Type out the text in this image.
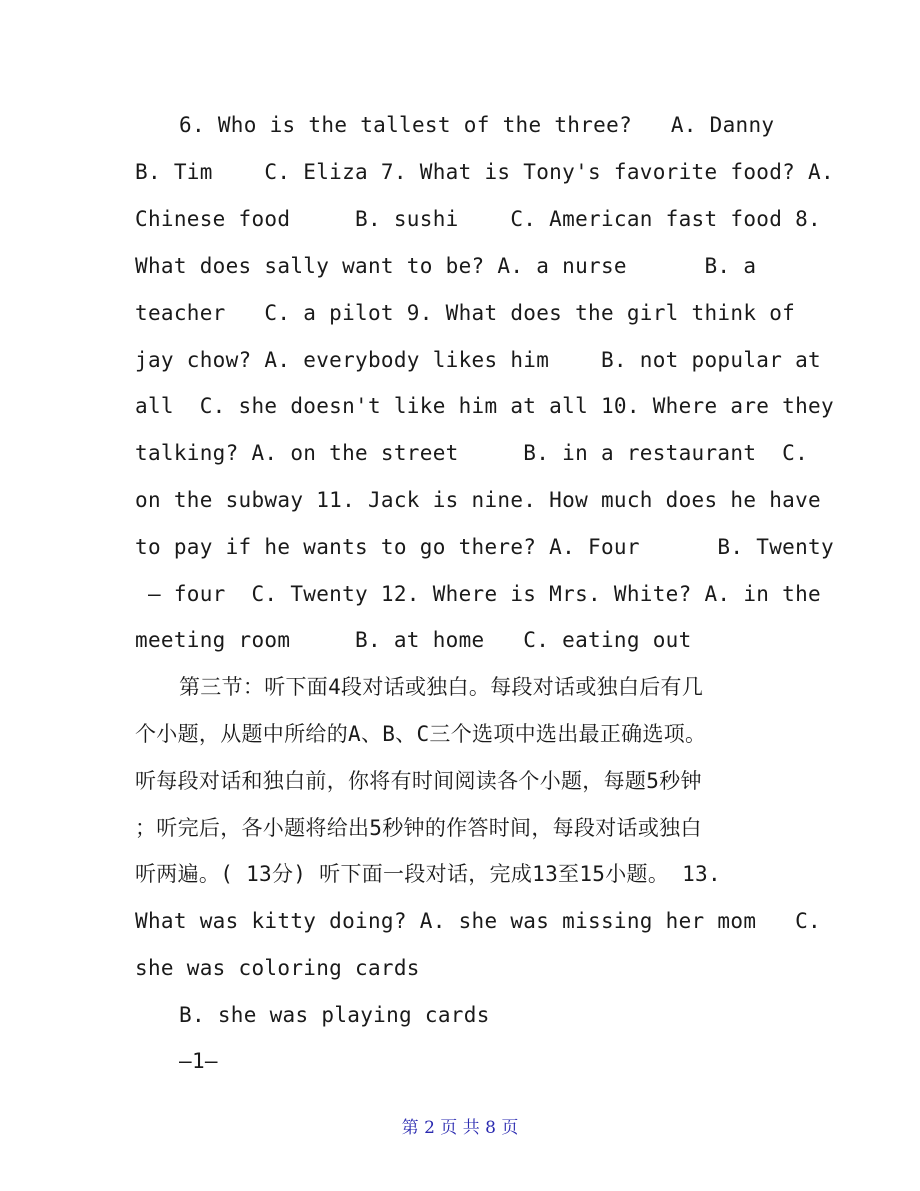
6. Who is the tallest of the three?   A. Danny
B. Tim    C. Eliza 7. What is Tony's favorite food? A.
Chinese food     B. sushi    C. American fast food 8.
What does sally want to be? A. a nurse      B. a
teacher   C. a pilot 9. What does the girl think of
jay chow? A. everybody likes him    B. not popular at
all  C. she doesn't like him at all 10. Where are they
talking? A. on the street     B. in a restaurant  C.
on the subway 11. Jack is nine. How much does he have
to pay if he wants to go there? A. Four      B. Twenty
– four  C. Twenty 12. Where is Mrs. White? A. in the
meeting room     B. at home   C. eating out
第三节：听下面4段对话或独白。每段对话或独白后有几
个小题，从题中所给的A、B、C三个选项中选出最正确选项。
听每段对话和独白前，你将有时间阅读各个小题，每题5秒钟
；听完后，各小题将给出5秒钟的作答时间，每段对话或独白
听两遍。( 13分) 听下面一段对话，完成13至15小题。 13.
What was kitty doing? A. she was missing her mom   C.
she was coloring cards
B. she was playing cards
—1—
第 2 页 共 8 页
